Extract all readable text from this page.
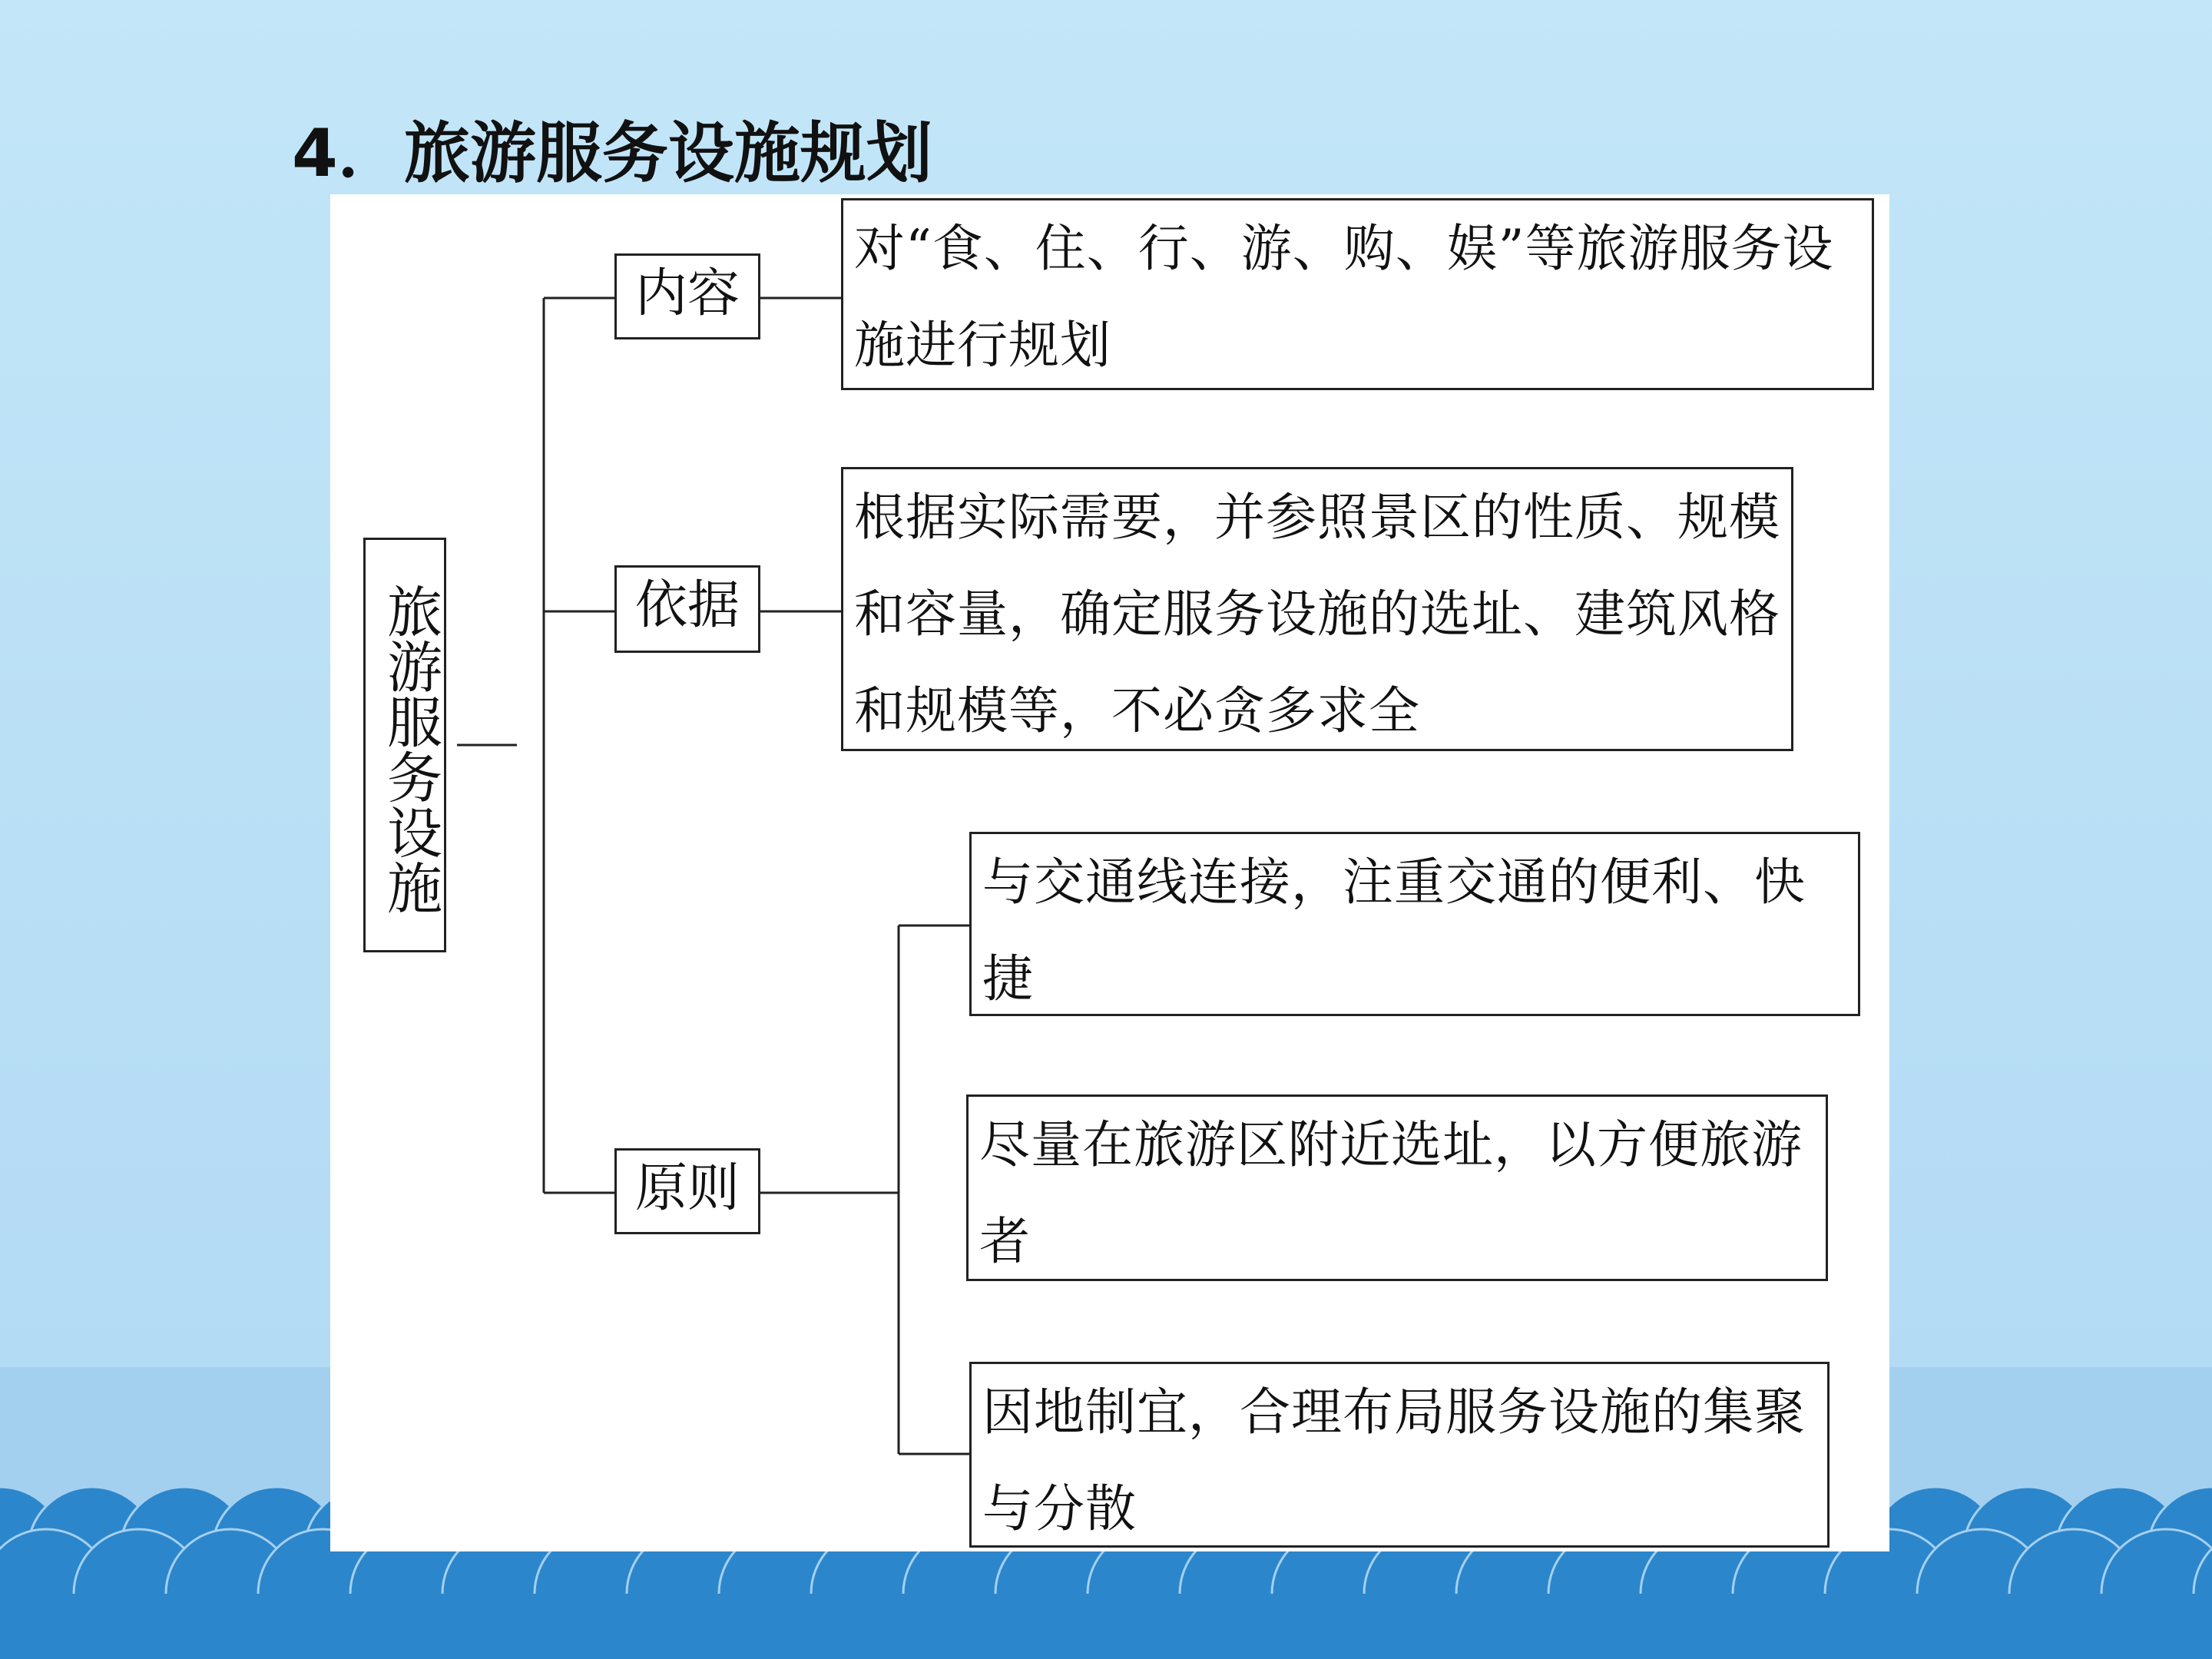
4．旅游服务设施规划
旅游服务设施
内容
依据
原则
对“食、住、行、游、购、娱”等旅游服务设施进行规划
根据实际需要，并参照景区的性质、规模和容量，确定服务设施的选址、建筑风格和规模等，不必贪多求全
与交通线连接，注重交通的便利、快捷
尽量在旅游区附近选址，以方便旅游者
因地制宜，合理布局服务设施的集聚与分散
